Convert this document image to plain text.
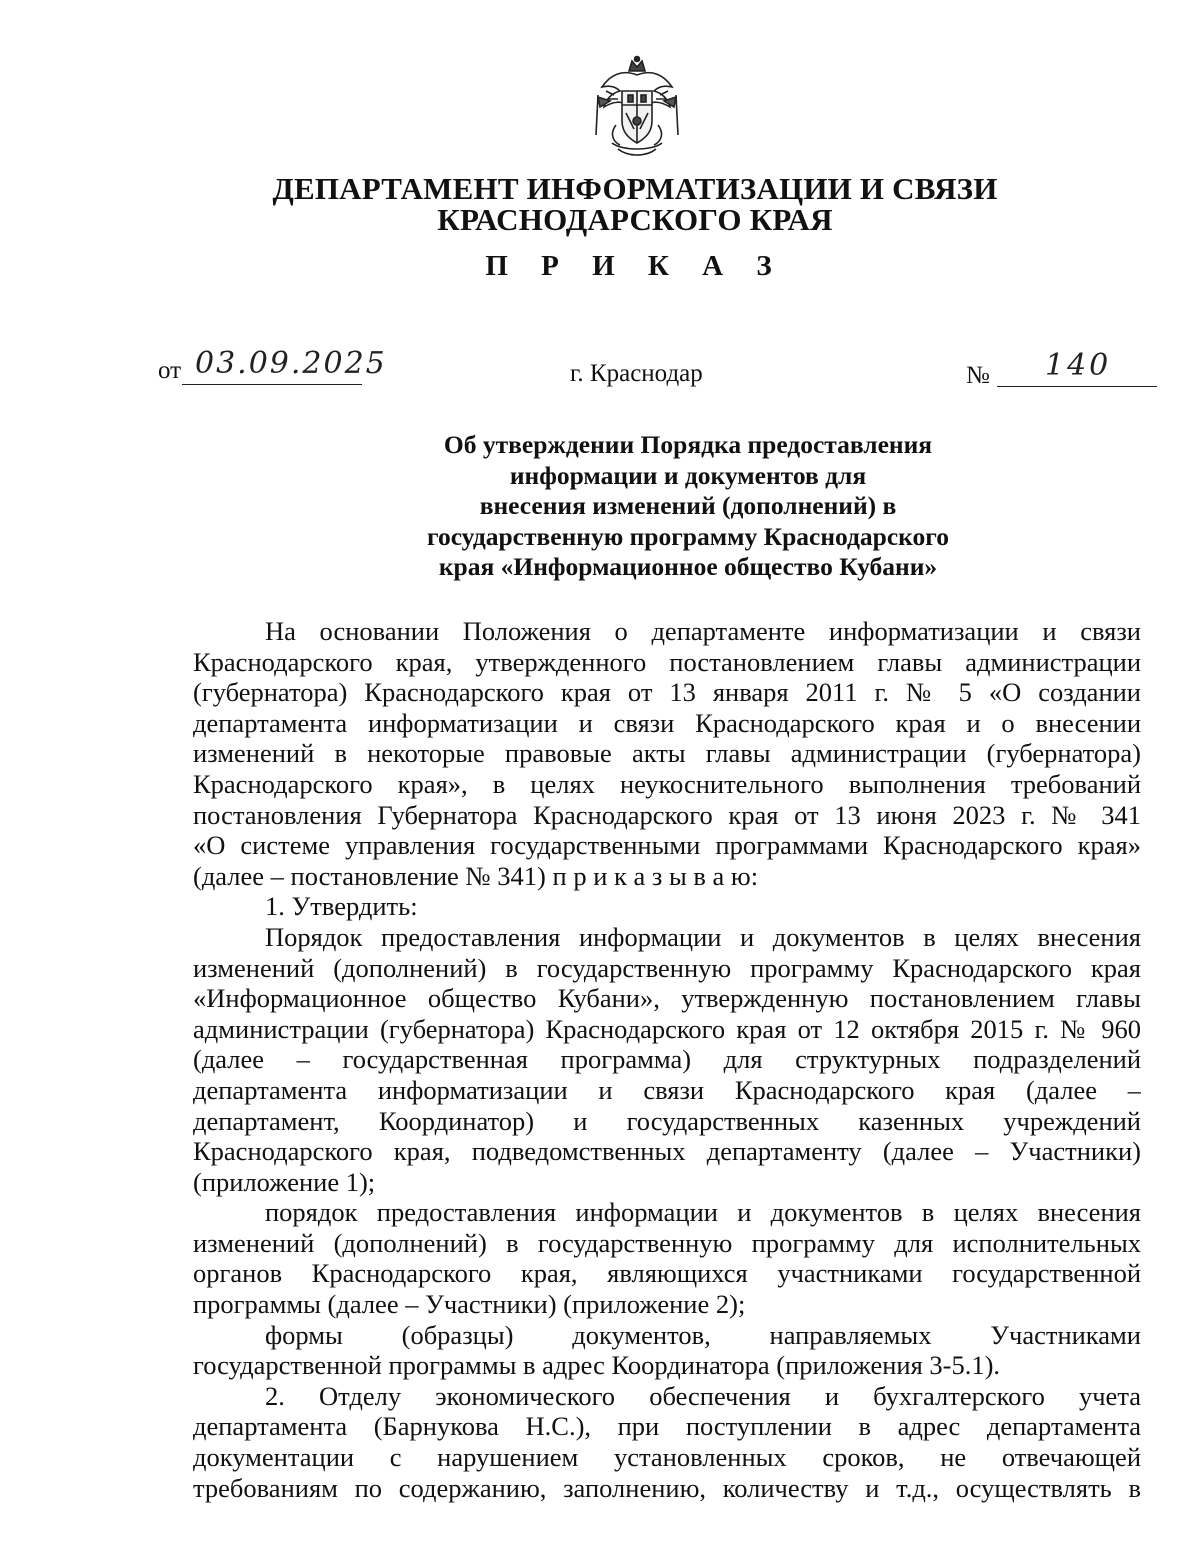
ДЕПАРТАМЕНТ ИНФОРМАТИЗАЦИИ И СВЯЗИ
КРАСНОДАРСКОГО КРАЯ
П Р И К А З
от 03.09.2025	г. Краснодар	№ 140
Об утверждении Порядка предоставления
информации и документов для
внесения изменений (дополнений) в
государственную программу Краснодарского
края «Информационное общество Кубани»
На основании Положения о департаменте информатизации и связи
Краснодарского края, утвержденного постановлением главы администрации
(губернатора) Краснодарского края от 13 января 2011 г. № 5 «О создании
департамента информатизации и связи Краснодарского края и о внесении
изменений в некоторые правовые акты главы администрации (губернатора)
Краснодарского края», в целях неукоснительного выполнения требований
постановления Губернатора Краснодарского края от 13 июня 2023 г. № 341
«О системе управления государственными программами Краснодарского края»
(далее – постановление № 341) п р и к а з ы в а ю:
1. Утвердить:
Порядок предоставления информации и документов в целях внесения
изменений (дополнений) в государственную программу Краснодарского края
«Информационное общество Кубани», утвержденную постановлением главы
администрации (губернатора) Краснодарского края от 12 октября 2015 г. № 960
(далее – государственная программа) для структурных подразделений
департамента информатизации и связи Краснодарского края (далее –
департамент, Координатор) и государственных казенных учреждений
Краснодарского края, подведомственных департаменту (далее – Участники)
(приложение 1);
порядок предоставления информации и документов в целях внесения
изменений (дополнений) в государственную программу для исполнительных
органов Краснодарского края, являющихся участниками государственной
программы (далее – Участники) (приложение 2);
формы (образцы) документов, направляемых Участниками
государственной программы в адрес Координатора (приложения 3-5.1).
2. Отделу экономического обеспечения и бухгалтерского учета
департамента (Барнукова Н.С.), при поступлении в адрес департамента
документации с нарушением установленных сроков, не отвечающей
требованиям по содержанию, заполнению, количеству и т.д., осуществлять в
